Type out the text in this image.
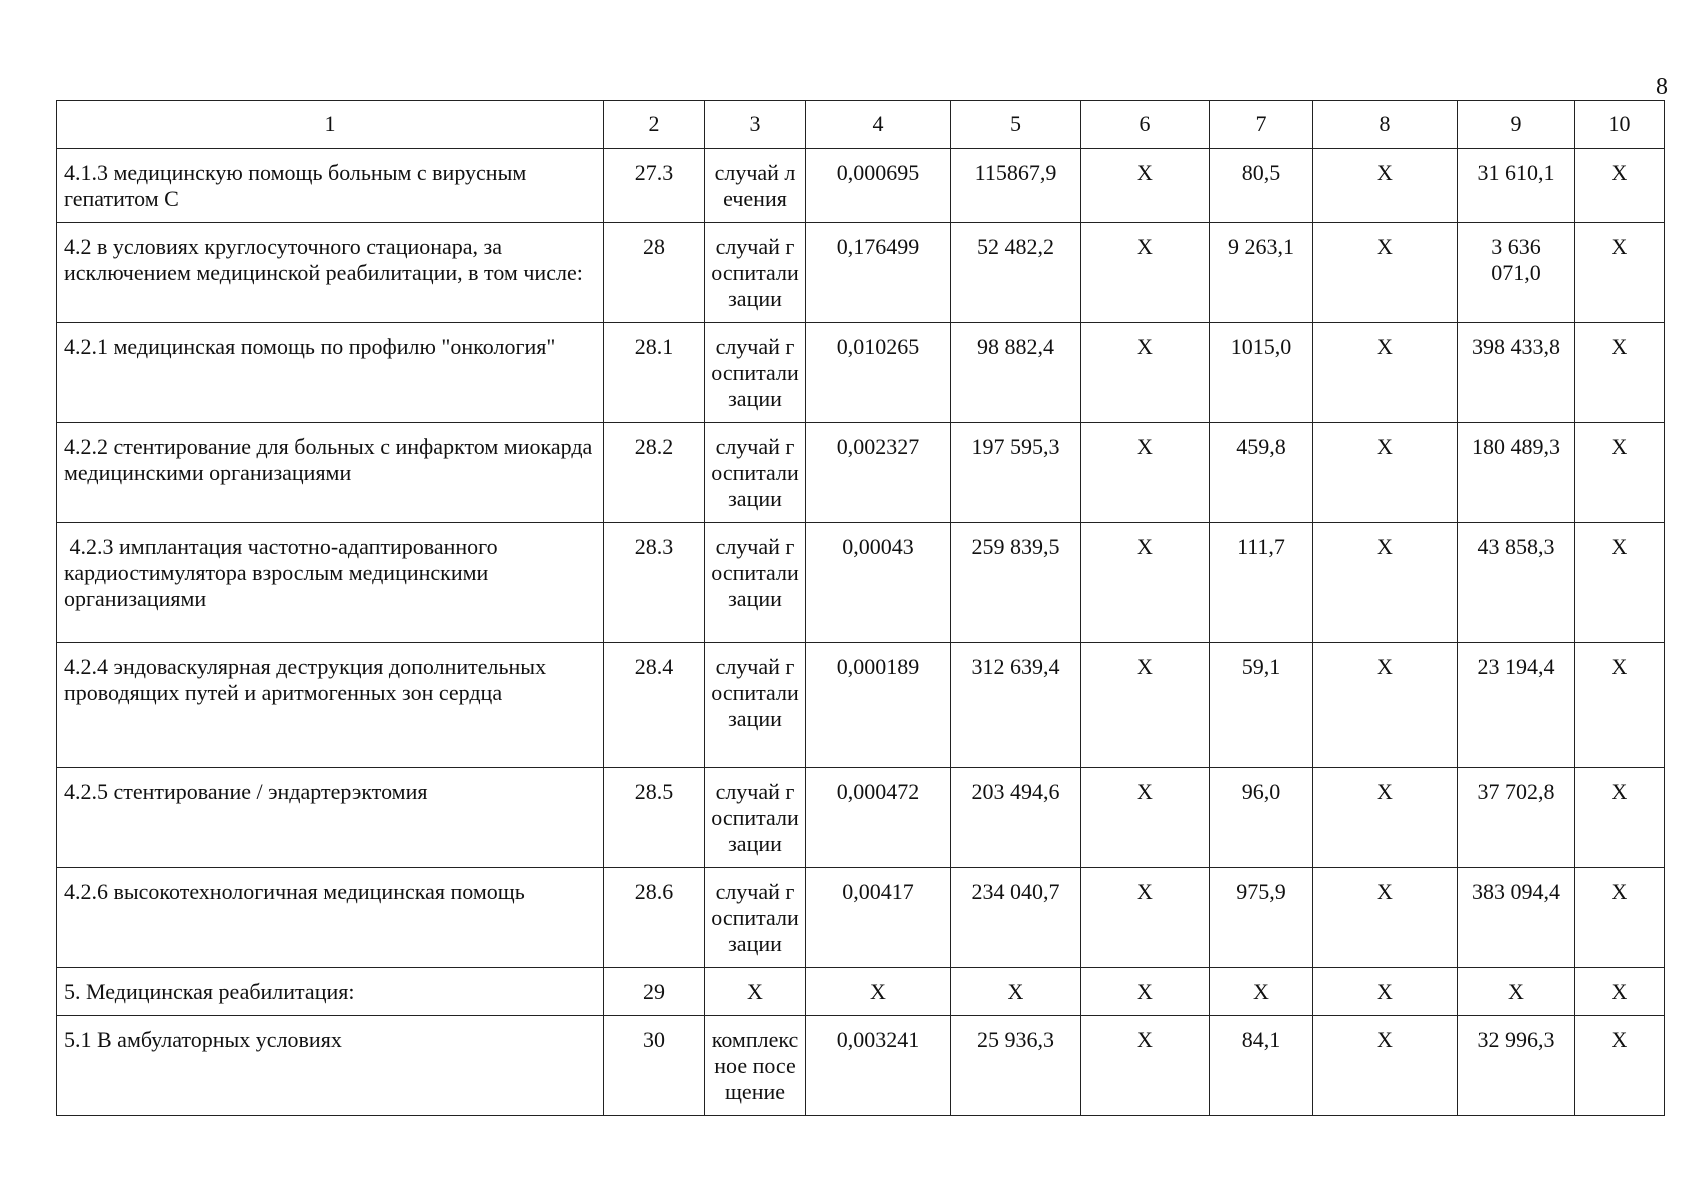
8
1	2	3	4	5	6	7	8	9	10
4.1.3 медицинскую помощь больным с вирусным гепатитом С	27.3	случай лечения	0,000695	115867,9	X	80,5	X	31 610,1	X
4.2 в условиях круглосуточного стационара, за исключением медицинской реабилитации, в том числе:	28	случай госпитализации	0,176499	52 482,2	X	9 263,1	X	3 636 071,0	X
4.2.1 медицинская помощь по профилю "онкология"	28.1	случай госпитализации	0,010265	98 882,4	X	1015,0	X	398 433,8	X
4.2.2 стентирование для больных с инфарктом миокарда медицинскими организациями	28.2	случай госпитализации	0,002327	197 595,3	X	459,8	X	180 489,3	X
4.2.3 имплантация частотно-адаптированного кардиостимулятора взрослым медицинскими организациями	28.3	случай госпитализации	0,00043	259 839,5	X	111,7	X	43 858,3	X
4.2.4 эндоваскулярная деструкция дополнительных проводящих путей и аритмогенных зон сердца	28.4	случай госпитализации	0,000189	312 639,4	X	59,1	X	23 194,4	X
4.2.5 стентирование / эндартерэктомия	28.5	случай госпитализации	0,000472	203 494,6	X	96,0	X	37 702,8	X
4.2.6 высокотехнологичная медицинская помощь	28.6	случай госпитализации	0,00417	234 040,7	X	975,9	X	383 094,4	X
5. Медицинская реабилитация:	29	X	X	X	X	X	X	X	X
5.1 В амбулаторных условиях	30	комплексное посещение	0,003241	25 936,3	X	84,1	X	32 996,3	X
